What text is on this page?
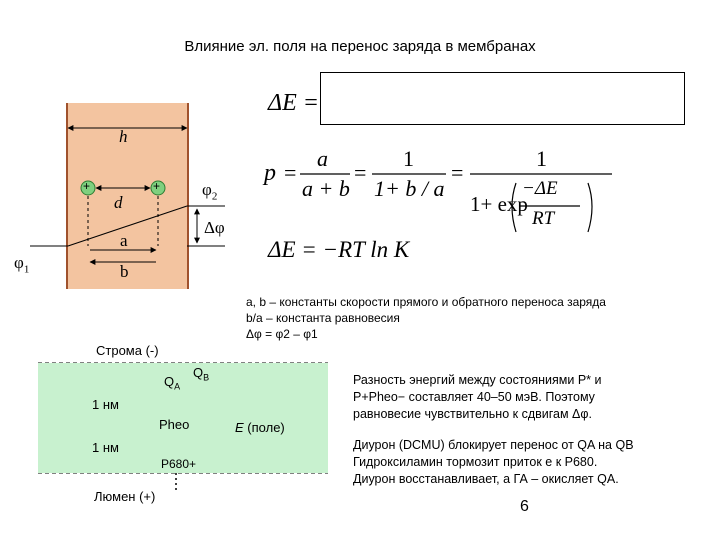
Влияние эл. поля на перенос заряда в мембранах
h
d
+	+
a
b
$\varphi_1$
$\varphi_2$
Δφ
ΔE =
p =
a
a + b
=
1
1+ b / a
=
1
1+ exp
−ΔE
RT
ΔE = −RT ln K
a, b – константы скорости прямого и обратного переноса заряда
b/a – константа равновесия
Δφ = φ2 – φ1
Строма (-)
Люмен (+)
1 нм
1 нм
$Q_A$
$Q_B$
Pheo
P680+
E (поле)
Разность энергий между состояниями P* и
P+Pheo− составляет 40–50 мэВ. Поэтому
равновесие чувствительно к сдвигам Δφ.
Диурон (DCMU) блокирует перенос от QA на QB
Гидроксиламин тормозит приток е к P680.
Диурон восстанавливает, а ГА – окисляет QA.
6
